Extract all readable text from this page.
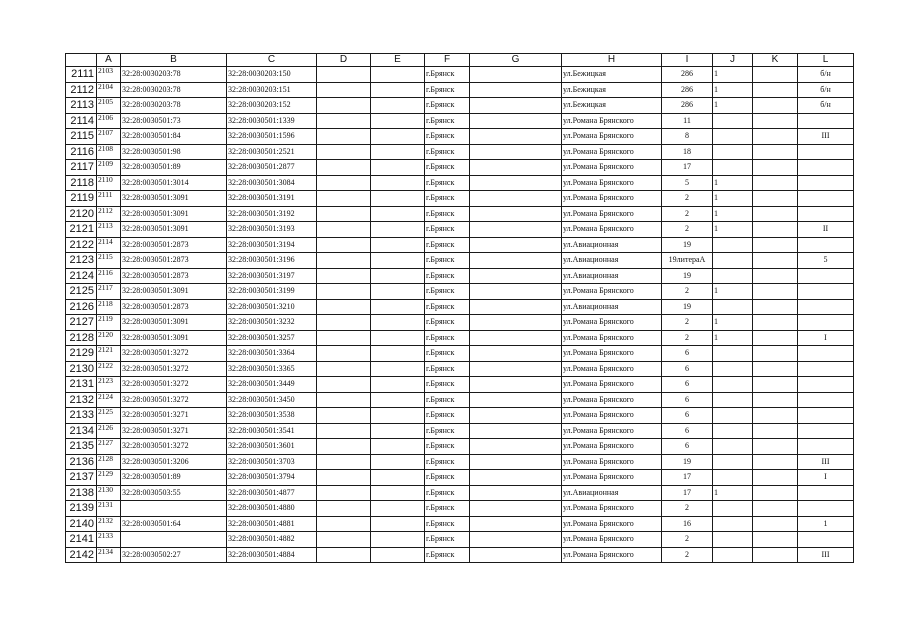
	A	B	C	D	E	F	G	H	I	J	K	L
2111	2103	32:28:0030203:78	32:28:0030203:150			г.Брянск		ул.Бежицкая	286	1		б/н
2112	2104	32:28:0030203:78	32:28:0030203:151			г.Брянск		ул.Бежицкая	286	1		б/н
2113	2105	32:28:0030203:78	32:28:0030203:152			г.Брянск		ул.Бежицкая	286	1		б/н
2114	2106	32:28:0030501:73	32:28:0030501:1339			г.Брянск		ул.Романа Брянского	11			
2115	2107	32:28:0030501:84	32:28:0030501:1596			г.Брянск		ул.Романа Брянского	8			III
2116	2108	32:28:0030501:98	32:28:0030501:2521			г.Брянск		ул.Романа Брянского	18			
2117	2109	32:28:0030501:89	32:28:0030501:2877			г.Брянск		ул.Романа Брянского	17			
2118	2110	32:28:0030501:3014	32:28:0030501:3084			г.Брянск		ул.Романа Брянского	5	1		
2119	2111	32:28:0030501:3091	32:28:0030501:3191			г.Брянск		ул.Романа Брянского	2	1		
2120	2112	32:28:0030501:3091	32:28:0030501:3192			г.Брянск		ул.Романа Брянского	2	1		
2121	2113	32:28:0030501:3091	32:28:0030501:3193			г.Брянск		ул.Романа Брянского	2	1		II
2122	2114	32:28:0030501:2873	32:28:0030501:3194			г.Брянск		ул.Авиационная	19			
2123	2115	32:28:0030501:2873	32:28:0030501:3196			г.Брянск		ул.Авиационная	19литераА			5
2124	2116	32:28:0030501:2873	32:28:0030501:3197			г.Брянск		ул.Авиационная	19			
2125	2117	32:28:0030501:3091	32:28:0030501:3199			г.Брянск		ул.Романа Брянского	2	1		
2126	2118	32:28:0030501:2873	32:28:0030501:3210			г.Брянск		ул.Авиационная	19			
2127	2119	32:28:0030501:3091	32:28:0030501:3232			г.Брянск		ул.Романа Брянского	2	1		
2128	2120	32:28:0030501:3091	32:28:0030501:3257			г.Брянск		ул.Романа Брянского	2	1		I
2129	2121	32:28:0030501:3272	32:28:0030501:3364			г.Брянск		ул.Романа Брянского	6			
2130	2122	32:28:0030501:3272	32:28:0030501:3365			г.Брянск		ул.Романа Брянского	6			
2131	2123	32:28:0030501:3272	32:28:0030501:3449			г.Брянск		ул.Романа Брянского	6			
2132	2124	32:28:0030501:3272	32:28:0030501:3450			г.Брянск		ул.Романа Брянского	6			
2133	2125	32:28:0030501:3271	32:28:0030501:3538			г.Брянск		ул.Романа Брянского	6			
2134	2126	32:28:0030501:3271	32:28:0030501:3541			г.Брянск		ул.Романа Брянского	6			
2135	2127	32:28:0030501:3272	32:28:0030501:3601			г.Брянск		ул.Романа Брянского	6			
2136	2128	32:28:0030501:3206	32:28:0030501:3703			г.Брянск		ул.Романа Брянского	19			III
2137	2129	32:28:0030501:89	32:28:0030501:3794			г.Брянск		ул.Романа Брянского	17			I
2138	2130	32:28:0030503:55	32:28:0030501:4877			г.Брянск		ул.Авиационная	17	1		
2139	2131		32:28:0030501:4880			г.Брянск		ул.Романа Брянского	2			
2140	2132	32:28:0030501:64	32:28:0030501:4881			г.Брянск		ул.Романа Брянского	16			1
2141	2133		32:28:0030501:4882			г.Брянск		ул.Романа Брянского	2			
2142	2134	32:28:0030502:27	32:28:0030501:4884			г.Брянск		ул.Романа Брянского	2			III
